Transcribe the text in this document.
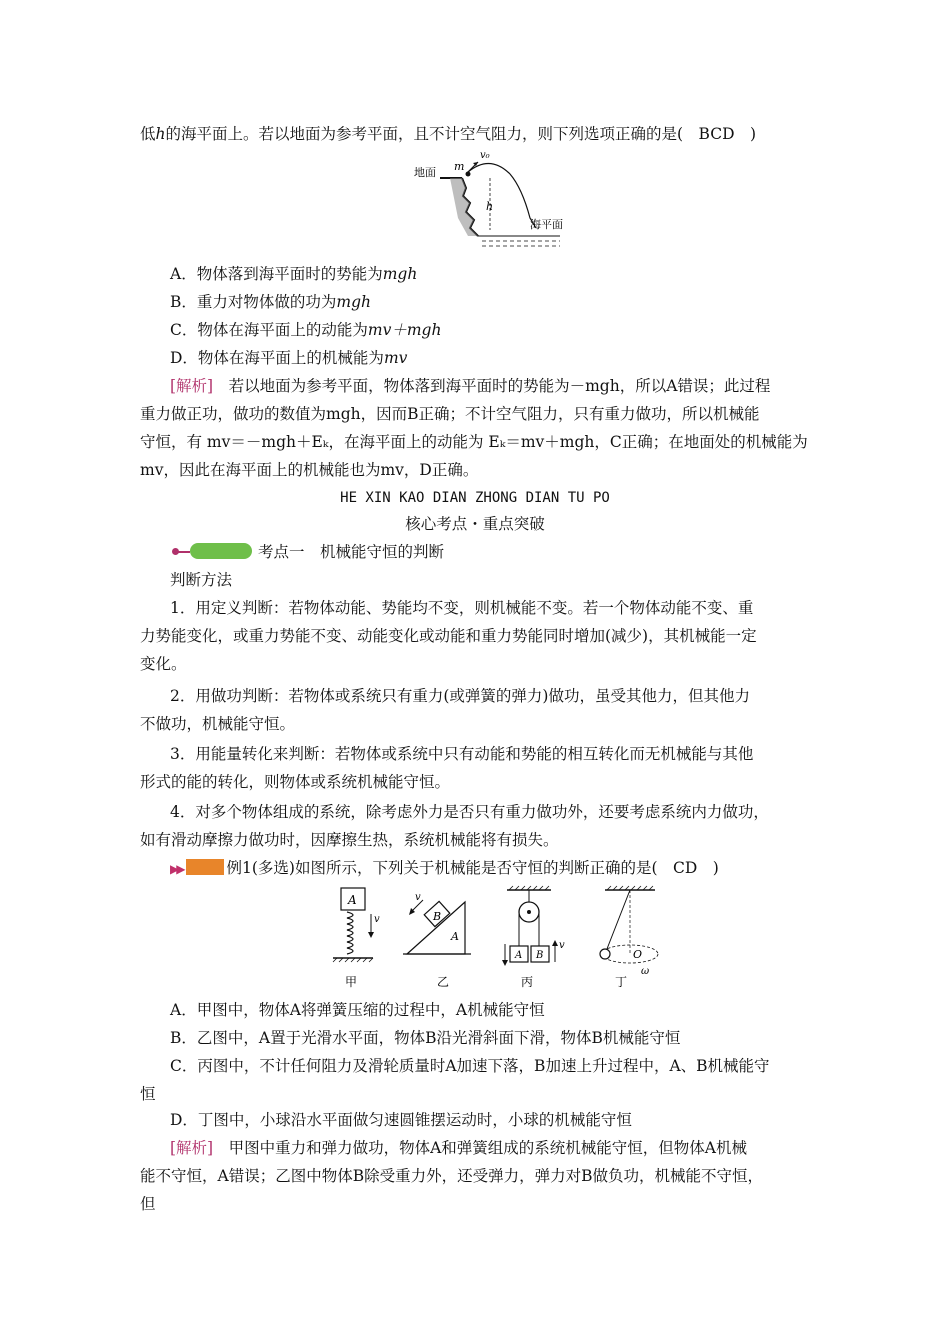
低h的海平面上。若以地面为参考平面，且不计空气阻力，则下列选项正确的是(　BCD　)
地面 m
v₀
h
海平面
A．物体落到海平面时的势能为mgh
B．重力对物体做的功为mgh
C．物体在海平面上的动能为mv＋mgh
D．物体在海平面上的机械能为mv
[解析]　若以地面为参考平面，物体落到海平面时的势能为－mgh，所以A错误；此过程
重力做正功，做功的数值为mgh，因而B正确；不计空气阻力，只有重力做功，所以机械能
守恒，有 mv＝－mgh＋Eₖ，在海平面上的动能为 Eₖ＝mv＋mgh，C正确；在地面处的机械能为
mv，因此在海平面上的机械能也为mv，D正确。
HE XIN KAO DIAN ZHONG DIAN TU PO
核心考点・重点突破
考点一　机械能守恒的判断
判断方法
1．用定义判断：若物体动能、势能均不变，则机械能不变。若一个物体动能不变、重
力势能变化，或重力势能不变、动能变化或动能和重力势能同时增加(减少)，其机械能一定
变化。
2．用做功判断：若物体或系统只有重力(或弹簧的弹力)做功，虽受其他力，但其他力
不做功，机械能守恒。
3．用能量转化来判断：若物体或系统中只有动能和势能的相互转化而无机械能与其他
形式的能的转化，则物体或系统机械能守恒。
4．对多个物体组成的系统，除考虑外力是否只有重力做功外，还要考虑系统内力做功，
如有滑动摩擦力做功时，因摩擦生热，系统机械能将有损失。
▶▶	例1(多选)如图所示，下列关于机械能是否守恒的判断正确的是(　CD　)
A
v
甲
B
A
v
乙
A B
v
丙
O
ω
丁
A．甲图中，物体A将弹簧压缩的过程中，A机械能守恒
B．乙图中，A置于光滑水平面，物体B沿光滑斜面下滑，物体B机械能守恒
C．丙图中，不计任何阻力及滑轮质量时A加速下落，B加速上升过程中，A、B机械能守
恒
D．丁图中，小球沿水平面做匀速圆锥摆运动时，小球的机械能守恒
[解析]　甲图中重力和弹力做功，物体A和弹簧组成的系统机械能守恒，但物体A机械
能不守恒，A错误；乙图中物体B除受重力外，还受弹力，弹力对B做负功，机械能不守恒，
但
